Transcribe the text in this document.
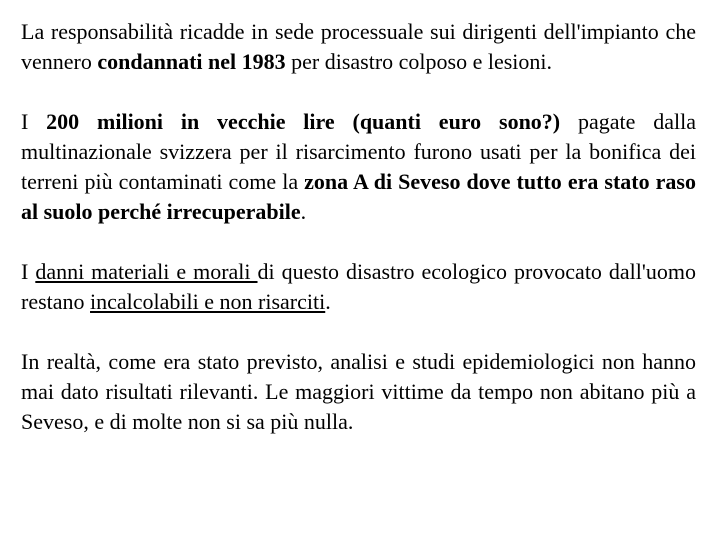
La responsabilità ricadde in sede processuale sui dirigenti dell'impianto che vennero condannati nel 1983 per disastro colposo e lesioni.

I 200 milioni in vecchie lire (quanti euro sono?) pagate dalla multinazionale svizzera per il risarcimento furono usati per la bonifica dei terreni più contaminati come la zona A di Seveso dove tutto era stato raso al suolo perché irrecuperabile.

I danni materiali e morali di questo disastro ecologico provocato dall'uomo restano incalcolabili e non risarciti.

In realtà, come era stato previsto, analisi e studi epidemiologici non hanno mai dato risultati rilevanti. Le maggiori vittime da tempo non abitano più a Seveso, e di molte non si sa più nulla.
